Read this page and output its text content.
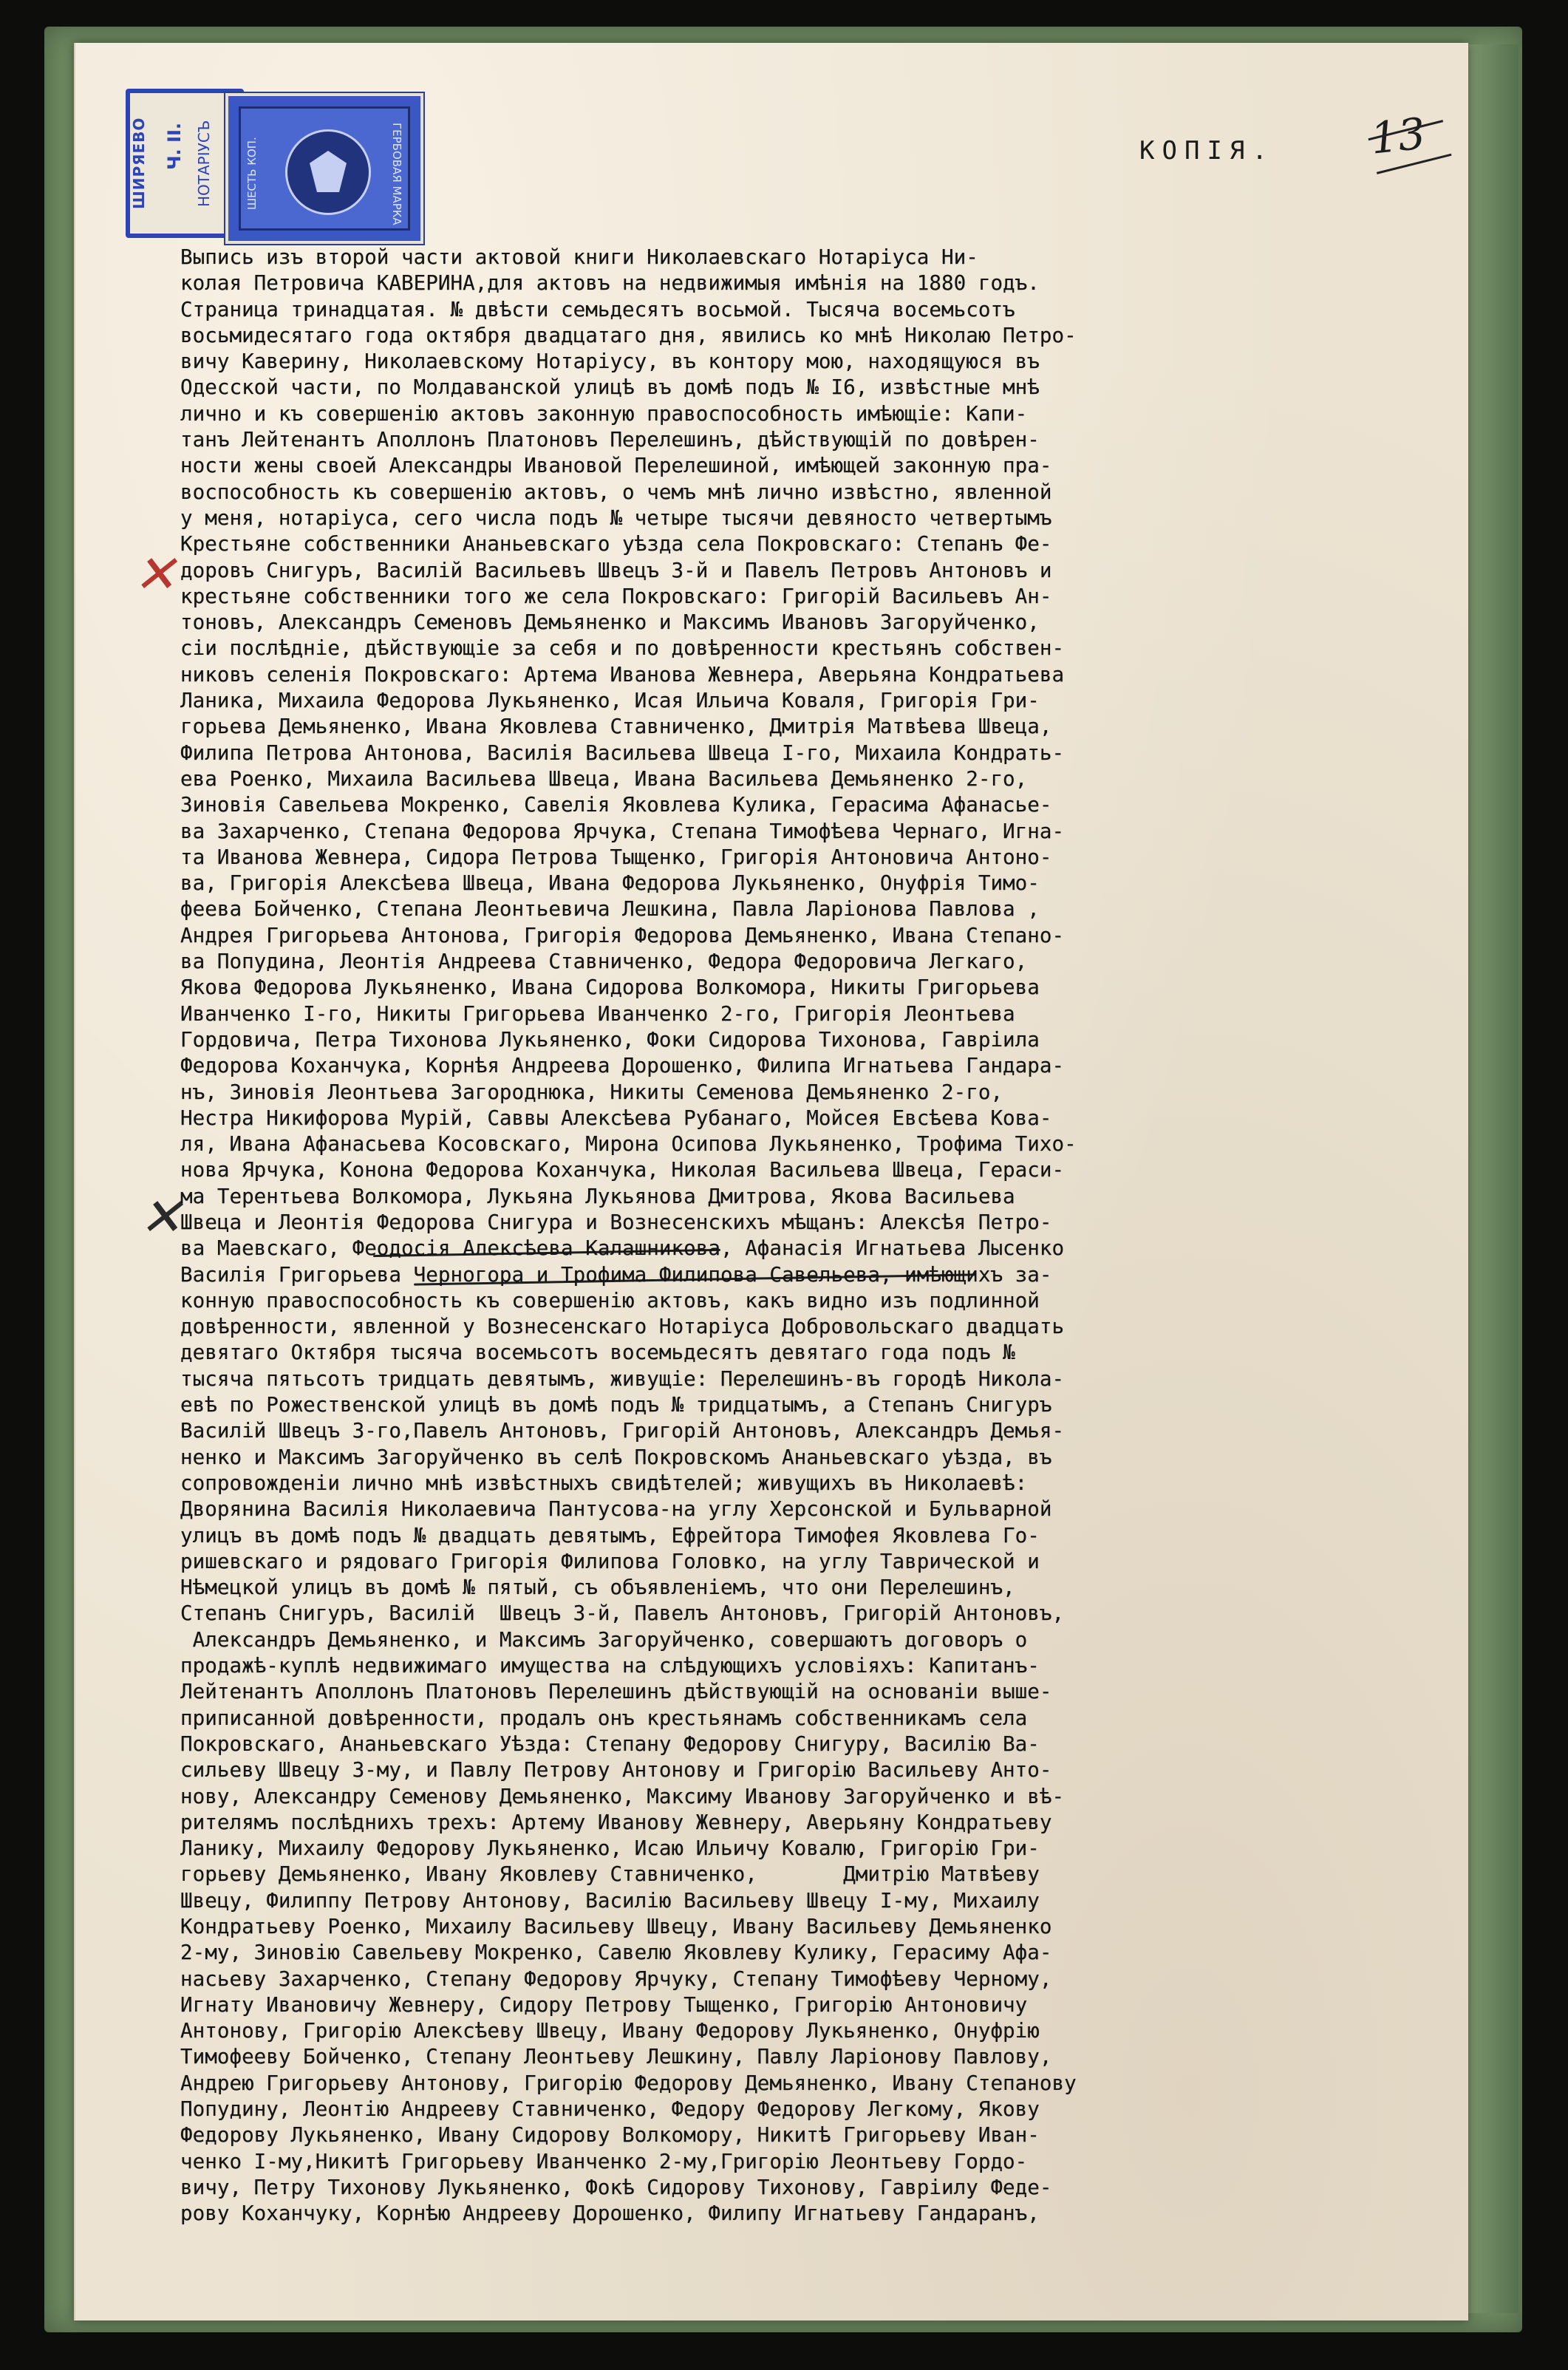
ШИРЯЕВО Ч. II. НОТАРІУСЪ	ШЕСТЬ КОП.	ГЕРБОВАЯ МАРКА	КОПІЯ. 13
✕
✕
Выпись изъ второй части актовой книги Николаевскаго Нотаріуса Ни-
колая Петровича КАВЕРИНА,для актовъ на недвижимыя имѣнія на 1880 годъ.
Страница тринадцатая. № двѣсти семьдесятъ восьмой. Тысяча восемьсотъ
восьмидесятаго года октября двадцатаго дня, явились ко мнѣ Николаю Петро-
вичу Каверину, Николаевскому Нотаріусу, въ контору мою, находящуюся въ
Одесской части, по Молдаванской улицѣ въ домѣ подъ № I6, извѣстные мнѣ
лично и къ совершенію актовъ законную правоспособность имѣющіе: Капи-
танъ Лейтенантъ Аполлонъ Платоновъ Перелешинъ, дѣйствующій по довѣрен-
ности жены своей Александры Ивановой Перелешиной, имѣющей законную пра-
воспособность къ совершенію актовъ, о чемъ мнѣ лично извѣстно, явленной
у меня, нотаріуса, сего числа подъ № четыре тысячи девяносто четвертымъ
Крестьяне собственники Ананьевскаго уѣзда села Покровскаго: Степанъ Фе-
доровъ Снигуръ, Василій Васильевъ Швецъ 3-й и Павелъ Петровъ Антоновъ и
крестьяне собственники того же села Покровскаго: Григорій Васильевъ Ан-
тоновъ, Александръ Семеновъ Демьяненко и Максимъ Ивановъ Загоруйченко,
сіи послѣдніе, дѣйствующіе за себя и по довѣренности крестьянъ собствен-
никовъ селенія Покровскаго: Артема Иванова Жевнера, Аверьяна Кондратьева
Ланика, Михаила Федорова Лукьяненко, Исая Ильича Коваля, Григорія Гри-
горьева Демьяненко, Ивана Яковлева Ставниченко, Дмитрія Матвѣева Швеца,
Филипа Петрова Антонова, Василія Васильева Швеца I-го, Михаила Кондрать-
ева Роенко, Михаила Васильева Швеца, Ивана Васильева Демьяненко 2-го,
Зиновія Савельева Мокренко, Савелія Яковлева Кулика, Герасима Афанасье-
ва Захарченко, Степана Федорова Ярчука, Степана Тимофѣева Чернаго, Игна-
та Иванова Жевнера, Сидора Петрова Тыщенко, Григорія Антоновича Антоно-
ва, Григорія Алексѣева Швеца, Ивана Федорова Лукьяненко, Онуфрія Тимо-
феева Бойченко, Степана Леонтьевича Лешкина, Павла Ларіонова Павлова ,
Андрея Григорьева Антонова, Григорія Федорова Демьяненко, Ивана Степано-
ва Попудина, Леонтія Андреева Ставниченко, Федора Федоровича Легкаго,
Якова Федорова Лукьяненко, Ивана Сидорова Волкомора, Никиты Григорьева
Иванченко I-го, Никиты Григорьева Иванченко 2-го, Григорія Леонтьева
Гордовича, Петра Тихонова Лукьяненко, Фоки Сидорова Тихонова, Гавріила
Федорова Коханчука, Корнѣя Андреева Дорошенко, Филипа Игнатьева Гандара-
нъ, Зиновія Леонтьева Загороднюка, Никиты Семенова Демьяненко 2-го,
Нестра Никифорова Мурій, Саввы Алексѣева Рубанаго, Мойсея Евсѣева Кова-
ля, Ивана Афанасьева Косовскаго, Мирона Осипова Лукьяненко, Трофима Тихо-
нова Ярчука, Конона Федорова Коханчука, Николая Васильева Швеца, Гераси-
ма Терентьева Волкомора, Лукьяна Лукьянова Дмитрова, Якова Васильева
Швеца и Леонтія Федорова Снигура и Вознесенскихъ мѣщанъ: Алексѣя Петро-
ва Маевскаго, Феодосія Алексѣева Калашникова, Афанасія Игнатьева Лысенко
Василія Григорьева Черногора и Трофима Филипова Савельева, имѣющихъ за-
конную правоспособность къ совершенію актовъ, какъ видно изъ подлинной
довѣренности, явленной у Вознесенскаго Нотаріуса Добровольскаго двадцать
девятаго Октября тысяча восемьсотъ восемьдесятъ девятаго года подъ №
тысяча пятьсотъ тридцать девятымъ, живущіе: Перелешинъ-въ городѣ Никола-
евѣ по Рожественской улицѣ въ домѣ подъ № тридцатымъ, а Степанъ Снигуръ
Василій Швецъ 3-го,Павелъ Антоновъ, Григорій Антоновъ, Александръ Демья-
ненко и Максимъ Загоруйченко въ селѣ Покровскомъ Ананьевскаго уѣзда, въ
сопровожденіи лично мнѣ извѣстныхъ свидѣтелей; живущихъ въ Николаевѣ:
Дворянина Василія Николаевича Пантусова-на углу Херсонской и Бульварной
улицъ въ домѣ подъ № двадцать девятымъ, Ефрейтора Тимофея Яковлева Го-
ришевскаго и рядоваго Григорія Филипова Головко, на углу Таврической и
Нѣмецкой улицъ въ домѣ № пятый, съ объявленіемъ, что они Перелешинъ,
Степанъ Снигуръ, Василій  Швецъ 3-й, Павелъ Антоновъ, Григорій Антоновъ,
Александръ Демьяненко, и Максимъ Загоруйченко, совершаютъ договоръ о
продажѣ-куплѣ недвижимаго имущества на слѣдующихъ условіяхъ: Капитанъ-
Лейтенантъ Аполлонъ Платоновъ Перелешинъ дѣйствующій на основаніи выше-
приписанной довѣренности, продалъ онъ крестьянамъ собственникамъ села
Покровскаго, Ананьевскаго Уѣзда: Степану Федорову Снигуру, Василію Ва-
сильеву Швецу 3-му, и Павлу Петрову Антонову и Григорію Васильеву Анто-
нову, Александру Семенову Демьяненко, Максиму Иванову Загоруйченко и вѣ-
рителямъ послѣднихъ трехъ: Артему Иванову Жевнеру, Аверьяну Кондратьеву
Ланику, Михаилу Федорову Лукьяненко, Исаю Ильичу Ковалю, Григорію Гри-
горьеву Демьяненко, Ивану Яковлеву Ставниченко,       Дмитрію Матвѣеву
Швецу, Филиппу Петрову Антонову, Василію Васильеву Швецу I-му, Михаилу
Кондратьеву Роенко, Михаилу Васильеву Швецу, Ивану Васильеву Демьяненко
2-му, Зиновію Савельеву Мокренко, Савелю Яковлеву Кулику, Герасиму Афа-
насьеву Захарченко, Степану Федорову Ярчуку, Степану Тимофѣеву Черному,
Игнату Ивановичу Жевнеру, Сидору Петрову Тыщенко, Григорію Антоновичу
Антонову, Григорію Алексѣеву Швецу, Ивану Федорову Лукьяненко, Онуфрію
Тимофееву Бойченко, Степану Леонтьеву Лешкину, Павлу Ларіонову Павлову,
Андрею Григорьеву Антонову, Григорію Федорову Демьяненко, Ивану Степанову
Попудину, Леонтію Андрееву Ставниченко, Федору Федорову Легкому, Якову
Федорову Лукьяненко, Ивану Сидорову Волкомору, Никитѣ Григорьеву Иван-
ченко I-му,Никитѣ Григорьеву Иванченко 2-му,Григорію Леонтьеву Гордо-
вичу, Петру Тихонову Лукьяненко, Фокѣ Сидорову Тихонову, Гавріилу Феде-
рову Коханчуку, Корнѣю Андрееву Дорошенко, Филипу Игнатьеву Гандаранъ,
